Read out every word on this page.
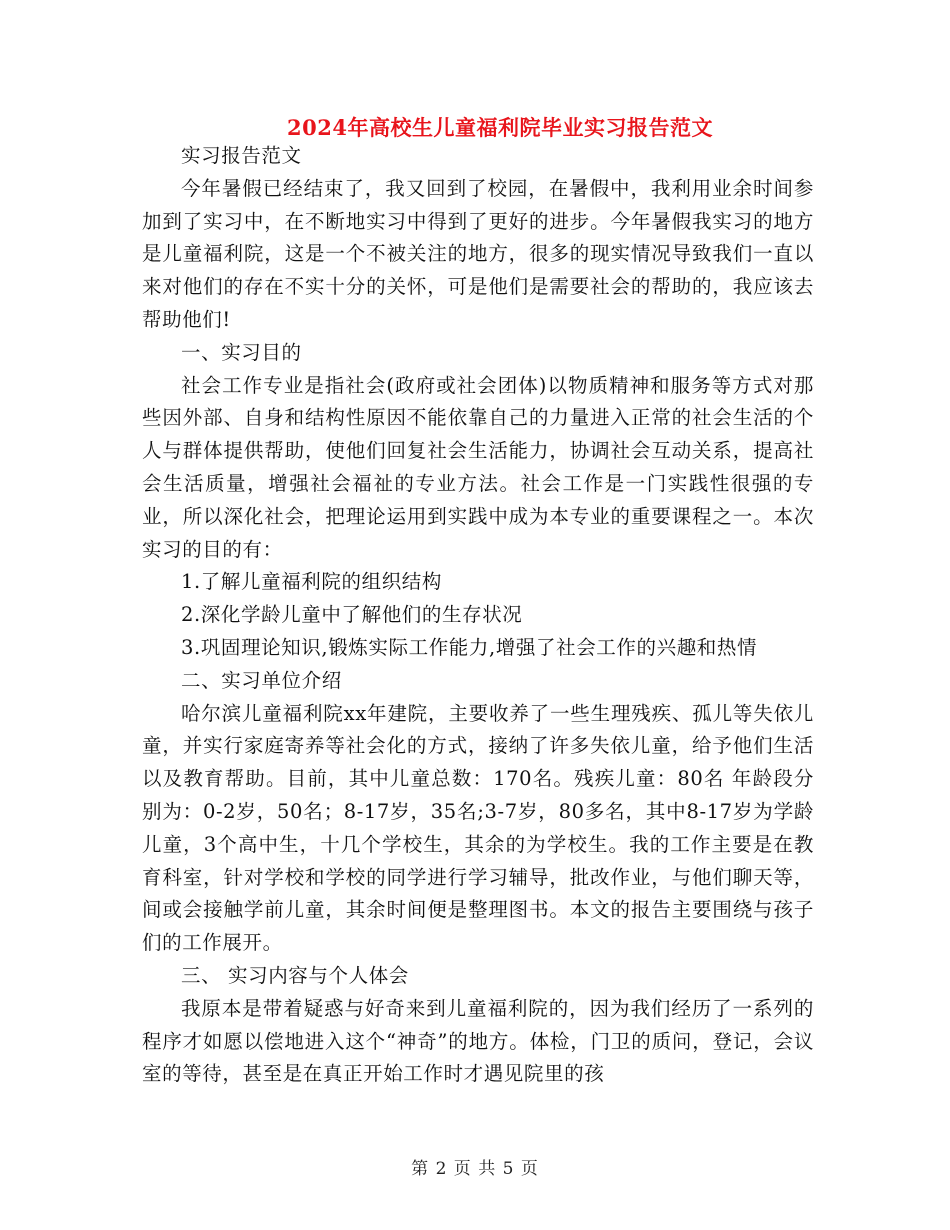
2024年高校生儿童福利院毕业实习报告范文

实习报告范文

今年暑假已经结束了，我又回到了校园，在暑假中，我利用业余时间参加到了实习中，在不断地实习中得到了更好的进步。今年暑假我实习的地方是儿童福利院，这是一个不被关注的地方，很多的现实情况导致我们一直以来对他们的存在不实十分的关怀，可是他们是需要社会的帮助的，我应该去帮助他们!

一、实习目的

社会工作专业是指社会(政府或社会团体)以物质精神和服务等方式对那些因外部、自身和结构性原因不能依靠自己的力量进入正常的社会生活的个人与群体提供帮助，使他们回复社会生活能力，协调社会互动关系，提高社会生活质量，增强社会福祉的专业方法。社会工作是一门实践性很强的专业，所以深化社会，把理论运用到实践中成为本专业的重要课程之一。本次实习的目的有：

1.了解儿童福利院的组织结构

2.深化学龄儿童中了解他们的生存状况

3.巩固理论知识,锻炼实际工作能力,增强了社会工作的兴趣和热情

二、实习单位介绍

哈尔滨儿童福利院xx年建院，主要收养了一些生理残疾、孤儿等失依儿童，并实行家庭寄养等社会化的方式，接纳了许多失依儿童，给予他们生活以及教育帮助。目前，其中儿童总数：170名。残疾儿童：80名 年龄段分别为：0-2岁，50名；8-17岁，35名;3-7岁，80多名，其中8-17岁为学龄儿童，3个高中生，十几个学校生，其余的为学校生。我的工作主要是在教育科室，针对学校和学校的同学进行学习辅导，批改作业，与他们聊天等，间或会接触学前儿童，其余时间便是整理图书。本文的报告主要围绕与孩子们的工作展开。

三、 实习内容与个人体会

我原本是带着疑惑与好奇来到儿童福利院的，因为我们经历了一系列的程序才如愿以偿地进入这个“神奇”的地方。体检，门卫的质问，登记，会议室的等待，甚至是在真正开始工作时才遇见院里的孩

第 2 页 共 5 页
